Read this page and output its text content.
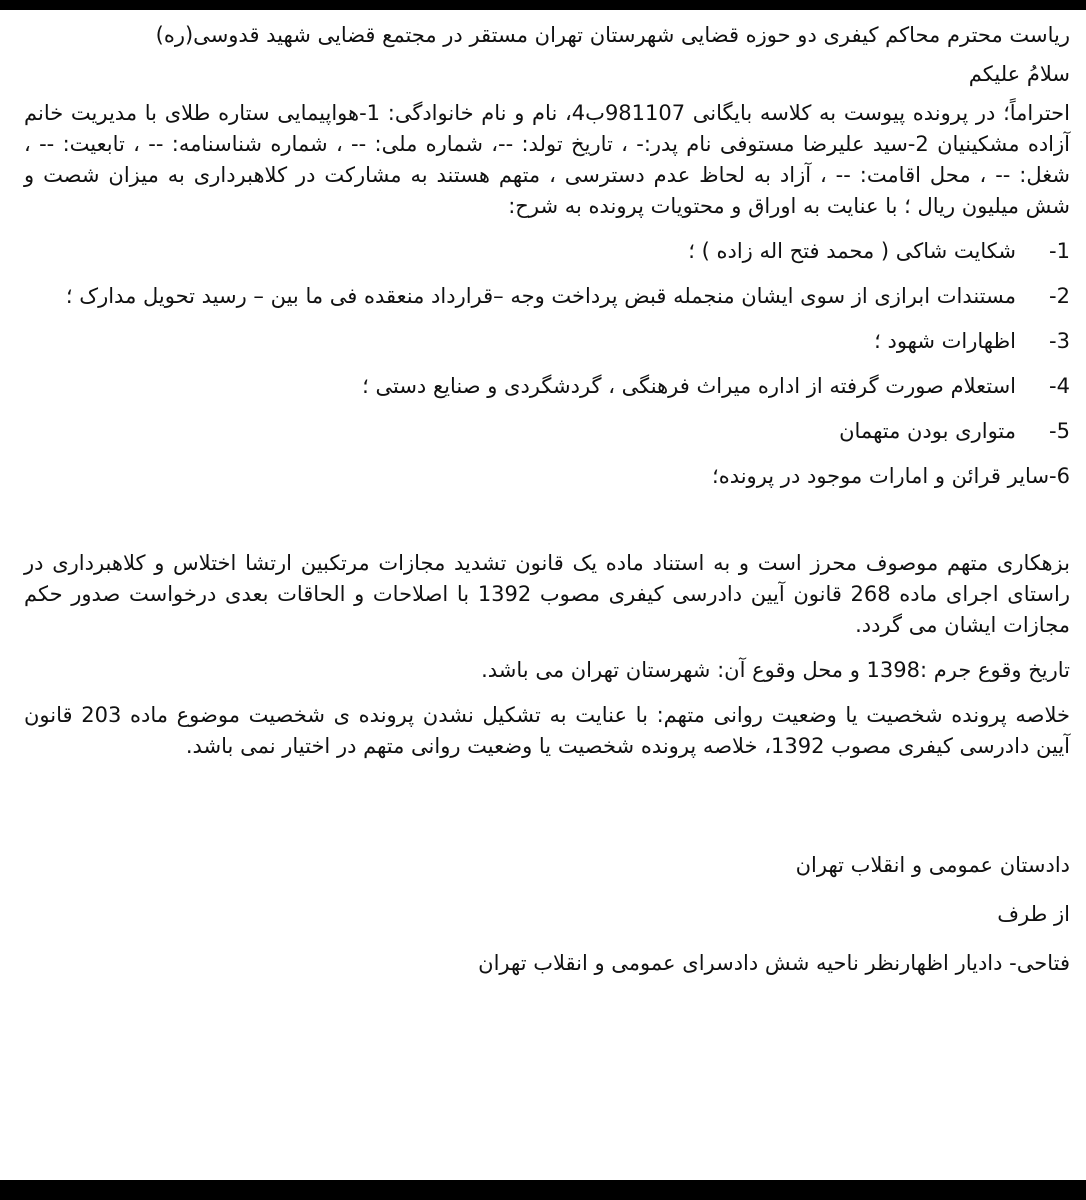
ریاست محترم محاکم کیفری دو حوزه قضایی شهرستان تهران مستقر در مجتمع قضایی شهید قدوسی(ره)

سلامُ علیکم

احتراماً؛ در پرونده پیوست به کلاسه بایگانی 981107ب4، نام و نام خانوادگی: 1-هواپیمایی ستاره طلای با مدیریت خانم آزاده مشکینیان 2-سید علیرضا مستوفی نام پدر:- ، تاریخ تولد: --، شماره ملی: -- ، شماره شناسنامه: -- ، تابعیت: -- ، شغل: -- ، محل اقامت: -- ، آزاد به لحاظ عدم دسترسی ، متهم هستند به مشارکت در کلاهبرداری به میزان شصت و شش میلیون ریال ؛ با عنایت به اوراق و محتویات پرونده به شرح:

1-
شکایت شاکی ( محمد فتح اله زاده ) ؛
2-
مستندات ابرازی از سوی ایشان منجمله قبض پرداخت وجه –قرارداد منعقده فی ما بین – رسید تحویل مدارک ؛
3-
اظهارات شهود ؛
4-
استعلام صورت گرفته از اداره میراث فرهنگی ، گردشگردی و صنایع دستی ؛
5-
متواری بودن متهمان

6-سایر قرائن و امارات موجود در پرونده؛

بزهکاری متهم موصوف محرز است و به استناد ماده یک قانون تشدید مجازات مرتکبین ارتشا اختلاس و کلاهبرداری در راستای اجرای ماده 268 قانون آیین دادرسی کیفری مصوب 1392 با اصلاحات و الحاقات بعدی درخواست صدور حکم مجازات ایشان می گردد.

تاریخ وقوع جرم :1398 و محل وقوع آن: شهرستان تهران می باشد.

خلاصه پرونده شخصیت یا وضعیت روانی متهم: با عنایت به تشکیل نشدن پرونده ی شخصیت موضوع ماده 203 قانون آیین دادرسی کیفری مصوب 1392، خلاصه پرونده شخصیت یا وضعیت روانی متهم در اختیار نمی باشد.

دادستان عمومی و انقلاب تهران

از طرف

فتاحی- دادیار اظهارنظر ناحیه شش دادسرای عمومی و انقلاب تهران
